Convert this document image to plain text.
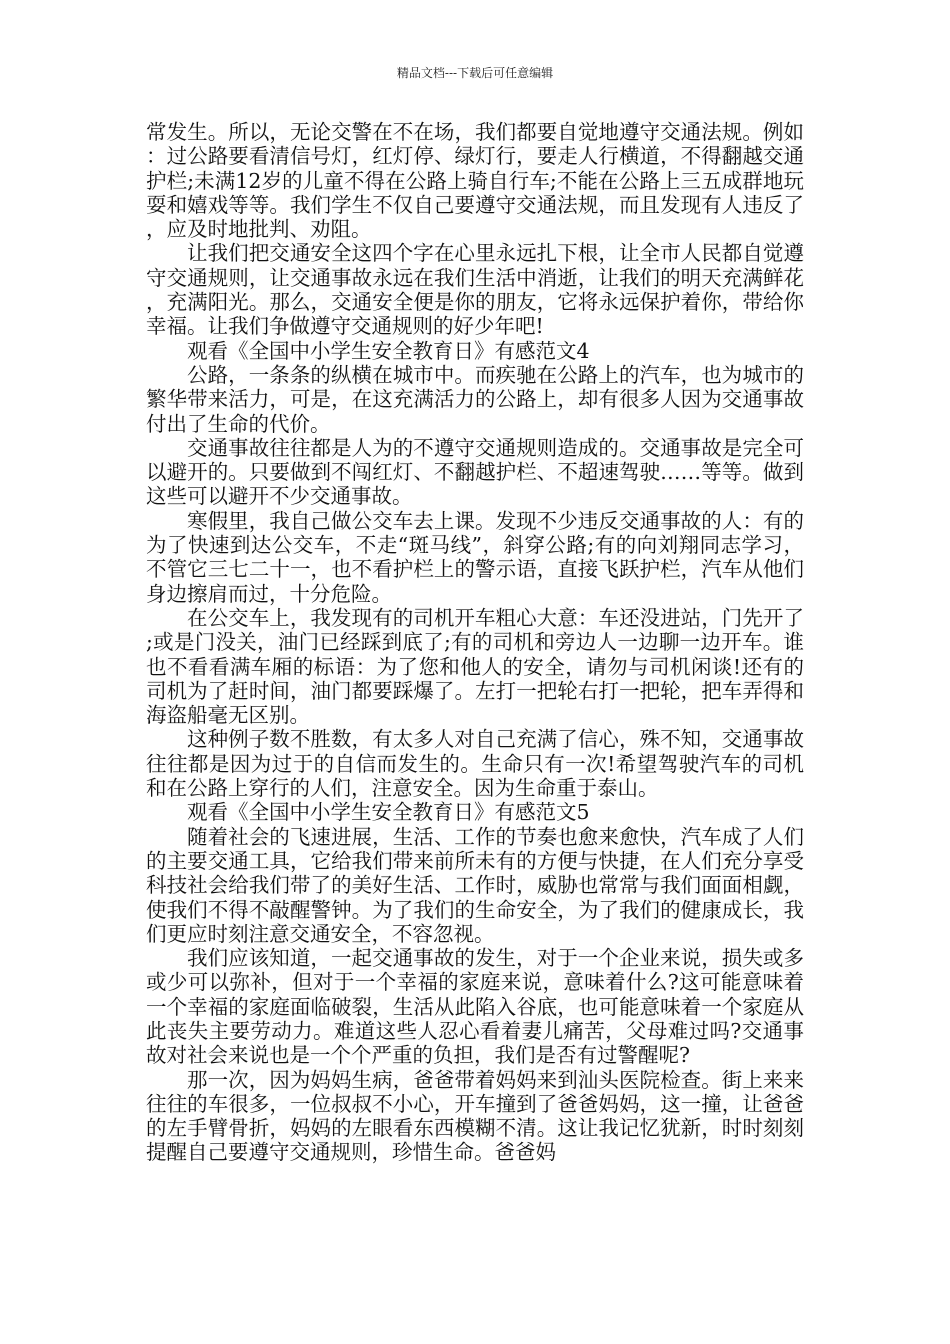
精品文档---下载后可任意编辑

常发生。所以，无论交警在不在场，我们都要自觉地遵守交通法规。例如：过公路要看清信号灯，红灯停、绿灯行，要走人行横道，不得翻越交通护栏;未满12岁的儿童不得在公路上骑自行车;不能在公路上三五成群地玩耍和嬉戏等等。我们学生不仅自己要遵守交通法规，而且发现有人违反了，应及时地批判、劝阻。

让我们把交通安全这四个字在心里永远扎下根，让全市人民都自觉遵守交通规则，让交通事故永远在我们生活中消逝，让我们的明天充满鲜花，充满阳光。那么，交通安全便是你的朋友，它将永远保护着你，带给你幸福。让我们争做遵守交通规则的好少年吧!

观看《全国中小学生安全教育日》有感范文4

公路，一条条的纵横在城市中。而疾驰在公路上的汽车，也为城市的繁华带来活力，可是，在这充满活力的公路上，却有很多人因为交通事故付出了生命的代价。

交通事故往往都是人为的不遵守交通规则造成的。交通事故是完全可以避开的。只要做到不闯红灯、不翻越护栏、不超速驾驶……等等。做到这些可以避开不少交通事故。

寒假里，我自己做公交车去上课。发现不少违反交通事故的人：有的为了快速到达公交车，不走“斑马线”，斜穿公路;有的向刘翔同志学习，不管它三七二十一，也不看护栏上的警示语，直接飞跃护栏，汽车从他们身边擦肩而过，十分危险。

在公交车上，我发现有的司机开车粗心大意：车还没进站，门先开了;或是门没关，油门已经踩到底了;有的司机和旁边人一边聊一边开车。谁也不看看满车厢的标语：为了您和他人的安全，请勿与司机闲谈!还有的司机为了赶时间，油门都要踩爆了。左打一把轮右打一把轮，把车弄得和海盗船毫无区别。

这种例子数不胜数，有太多人对自己充满了信心，殊不知，交通事故往往都是因为过于的自信而发生的。生命只有一次!希望驾驶汽车的司机和在公路上穿行的人们，注意安全。因为生命重于泰山。

观看《全国中小学生安全教育日》有感范文5

随着社会的飞速进展，生活、工作的节奏也愈来愈快，汽车成了人们的主要交通工具，它给我们带来前所未有的方便与快捷，在人们充分享受科技社会给我们带了的美好生活、工作时，威胁也常常与我们面面相觑，使我们不得不敲醒警钟。为了我们的生命安全，为了我们的健康成长，我们更应时刻注意交通安全，不容忽视。

我们应该知道，一起交通事故的发生，对于一个企业来说，损失或多或少可以弥补，但对于一个幸福的家庭来说，意味着什么?这可能意味着一个幸福的家庭面临破裂，生活从此陷入谷底，也可能意味着一个家庭从此丧失主要劳动力。难道这些人忍心看着妻儿痛苦，父母难过吗?交通事故对社会来说也是一个个严重的负担，我们是否有过警醒呢?

那一次，因为妈妈生病，爸爸带着妈妈来到汕头医院检查。街上来来往往的车很多，一位叔叔不小心，开车撞到了爸爸妈妈，这一撞，让爸爸的左手臂骨折，妈妈的左眼看东西模糊不清。这让我记忆犹新，时时刻刻提醒自己要遵守交通规则，珍惜生命。爸爸妈
